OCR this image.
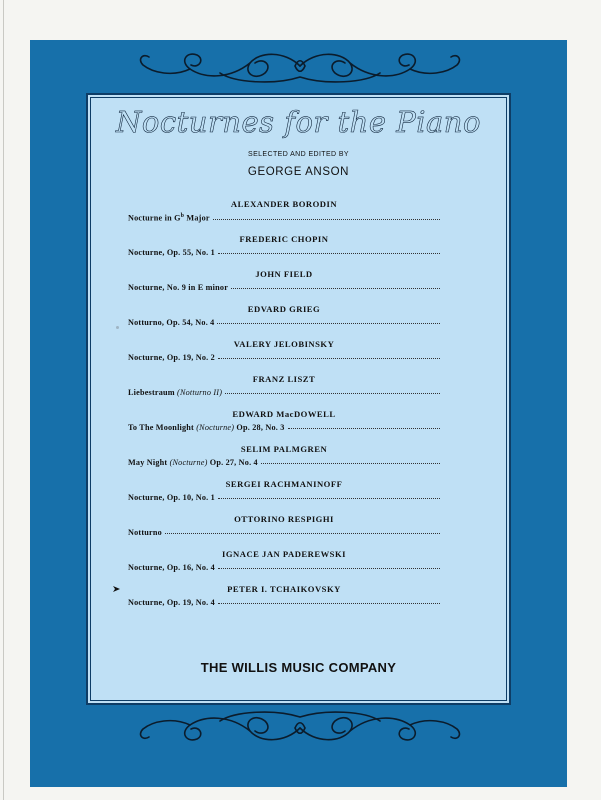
Nocturnes for the Piano
SELECTED AND EDITED BY
GEORGE ANSON
ALEXANDER BORODIN
Nocturne in $G^b$ Major
FREDERIC CHOPIN
Nocturne, Op. 55, No. 1
JOHN FIELD
Nocturne, No. 9 in E minor
EDVARD GRIEG
Notturno, Op. 54, No. 4
VALERY JELOBINSKY
Nocturne, Op. 19, No. 2
FRANZ LISZT
Liebestraum (Notturno II)
EDWARD MacDOWELL
To The Moonlight (Nocturne) Op. 28, No. 3
SELIM PALMGREN
May Night (Nocturne) Op. 27, No. 4
SERGEI RACHMANINOFF
Nocturne, Op. 10, No. 1
OTTORINO RESPIGHI
Notturno
IGNACE JAN PADEREWSKI
Nocturne, Op. 16, No. 4
PETER I. TCHAIKOVSKY
Nocturne, Op. 19, No. 4
THE WILLIS MUSIC COMPANY
